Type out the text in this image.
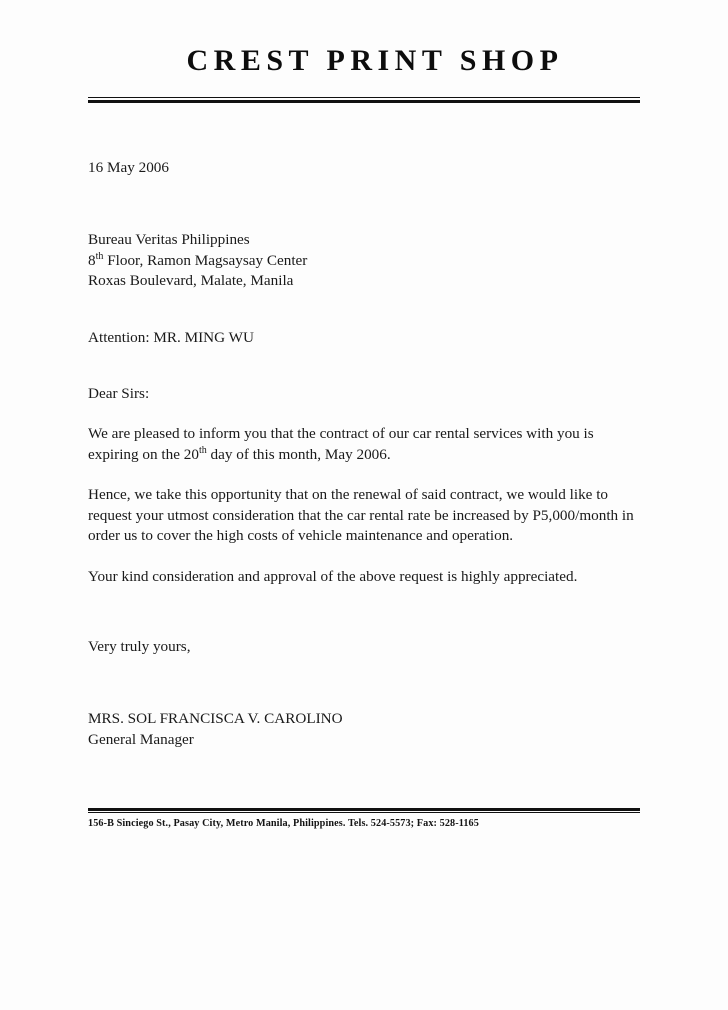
CREST PRINT SHOP

16 May 2006

Bureau Veritas Philippines
8th Floor, Ramon Magsaysay Center
Roxas Boulevard, Malate, Manila

Attention: MR. MING WU

Dear Sirs:

We are pleased to inform you that the contract of our car rental services with you is expiring on the 20th day of this month, May 2006.

Hence, we take this opportunity that on the renewal of said contract, we would like to request your utmost consideration that the car rental rate be increased by P5,000/month in order us to cover the high costs of vehicle maintenance and operation.

Your kind consideration and approval of the above request is highly appreciated.

Very truly yours,

MRS. SOL FRANCISCA V. CAROLINO
General Manager
156-B Sinciego St., Pasay City, Metro Manila, Philippines. Tels. 524-5573; Fax: 528-1165
